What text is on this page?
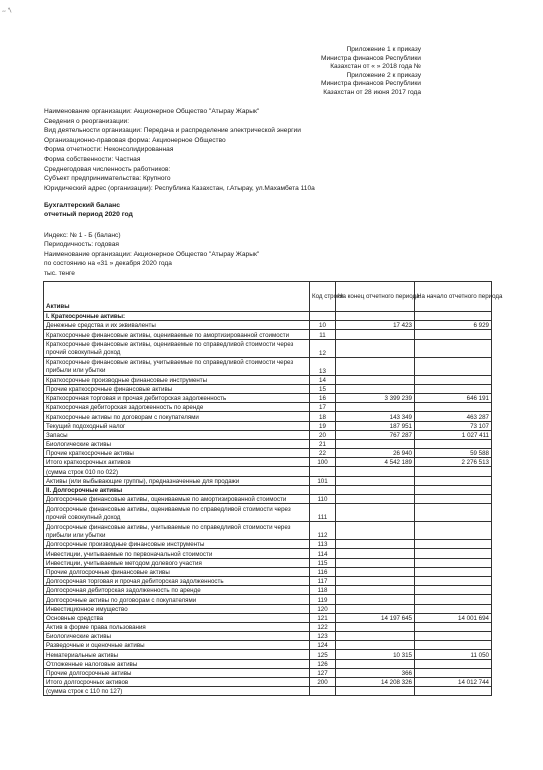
~ '\
Приложение 1 к приказу
Министра финансов Республики
Казахстан от « » 2018 года №
Приложение 2 к приказу
Министра финансов Республики
Казахстан от 28 июня 2017 года
Наименование организации: Акционерное Общество "Атырау Жарык"
Сведения о реорганизации:
Вид деятельности организации: Передача и распределение электрической энергии
Организационно-правовая форма: Акционерное Общество
Форма отчетности: Неконсолидированная
Форма собственности: Частная
Среднегодовая численность работников:
Субъект предпринимательства: Крупного
Юридический адрес (организации): Республика Казахстан, г.Атырау, ул.Махамбета 110а
Бухгалтерский баланс
отчетный период 2020 год
Индекс: № 1 - Б (баланс)
Периодичность: годовая
Наименование организации: Акционерное Общество "Атырау Жарык"
по состоянию на «31 » декабря 2020 года
тыс. тенге
Активы	Код строки	На конец отчетного периода	На начало отчетного периода
I. Краткосрочные активы:			
Денежные средства и их эквиваленты	10	17 423	6 929
Краткосрочные финансовые активы, оцениваемые по амортизированной стоимости	11		
Краткосрочные финансовые активы, оцениваемые по справедливой стоимости через прочий совокупный доход	12		
Краткосрочные финансовые активы, учитываемые по справедливой стоимости через прибыли или убытки	13		
Краткосрочные производные финансовые инструменты	14		
Прочие краткосрочные финансовые активы	15		
Краткосрочная торговая и прочая дебиторская задолженность	16	3 399 239	646 191
Краткосрочная дебиторская задолженность по аренде	17		
Краткосрочные активы по договорам с покупателями	18	143 349	463 287
Текущий подоходный налог	19	187 951	73 107
Запасы	20	767 287	1 027 411
Биологические активы	21		
Прочие краткосрочные активы	22	26 940	59 588
Итого краткосрочных активов	100	4 542 189	2 276 513
(сумма строк 010 по 022)			
Активы (или выбывающие группы), предназначенные для продажи	101		
II. Долгосрочные активы			
Долгосрочные финансовые активы, оцениваемые по амортизированной стоимости	110		
Долгосрочные финансовые активы, оцениваемые по справедливой стоимости через прочий совокупный доход	111		
Долгосрочные финансовые активы, учитываемые по справедливой стоимости через прибыли или убытки	112		
Долгосрочные производные финансовые инструменты	113		
Инвестиции, учитываемые по первоначальной стоимости	114		
Инвестиции, учитываемые методом долевого участия	115		
Прочие долгосрочные финансовые активы	116		
Долгосрочная торговая и прочая дебиторская задолженность	117		
Долгосрочная дебиторская задолженность по аренде	118		
Долгосрочные активы по договорам с покупателями	119		
Инвестиционное имущество	120		
Основные средства	121	14 197 645	14 001 694
Актив в форме права пользования	122		
Биологические активы	123		
Разведочные и оценочные активы	124		
Нематериальные активы	125	10 315	11 050
Отложенные налоговые активы	126		
Прочие долгосрочные активы	127	366	
Итого долгосрочных активов	200	14 208 326	14 012 744
(сумма строк с 110 по 127)			
